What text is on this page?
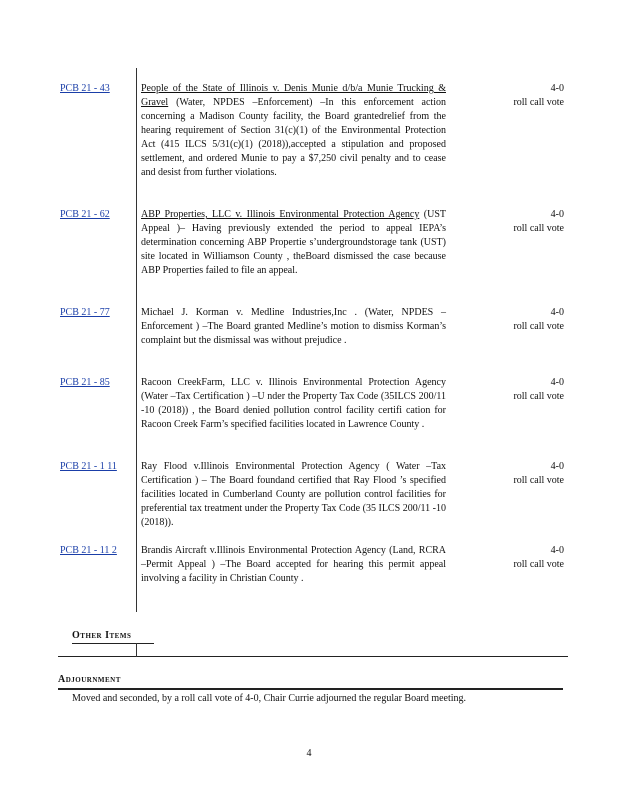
PCB 21 - 43	People of the State of Illinois v. Denis Munie d/b/a Munie Trucking & Gravel (Water, NPDES –Enforcement) –In this enforcement action concerning a Madison County facility, the Board grantedrelief from the hearing requirement of Section 31(c)(1) of the Environmental Protection Act (415 ILCS 5/31(c)(1) (2018)),accepted a stipulation and proposed settlement, and ordered Munie to pay a $7,250 civil penalty and to cease and desist from further violations.
4-0
roll call vote
PCB 21 - 62	ABP Properties, LLC v. Illinois Environmental Protection Agency (UST Appeal )– Having previously extended the period to appeal IEPA’s determination concerning ABP Propertie s’undergroundstorage tank (UST) site located in Williamson County , theBoard dismissed the case because ABP Properties failed to file an appeal.
4-0
roll call vote
PCB 21 - 77	Michael J. Korman v. Medline Industries,Inc . (Water, NPDES –Enforcement ) –The Board granted Medline’s motion to dismiss Korman’s complaint but the dismissal was without prejudice .
4-0
roll call vote
PCB 21 - 85	Racoon CreekFarm, LLC v. Illinois Environmental Protection Agency (Water –Tax Certification ) –U nder the Property Tax Code (35ILCS 200/11 -10 (2018)) , the Board denied pollution control facility certifi cation for Racoon Creek Farm’s specified facilities located in Lawrence County .
4-0
roll call vote
PCB 21 - 1 11	Ray Flood v.Illinois Environmental Protection Agency ( Water –Tax Certification ) – The Board foundand certified that Ray Flood ’s specified facilities located in Cumberland County are pollution control facilities for preferential tax treatment under the Property Tax Code (35 ILCS 200/11 -10 (2018)).
4-0
roll call vote
PCB 21 - 11 2	Brandis Aircraft v.Illinois Environmental Protection Agency (Land, RCRA –Permit Appeal ) –The Board accepted for hearing this permit appeal involving a facility in Christian County .
4-0
roll call vote
Other Items
Adjournment
Moved and seconded, by a roll call vote of 4-0, Chair Currie adjourned the regular Board meeting.
4
